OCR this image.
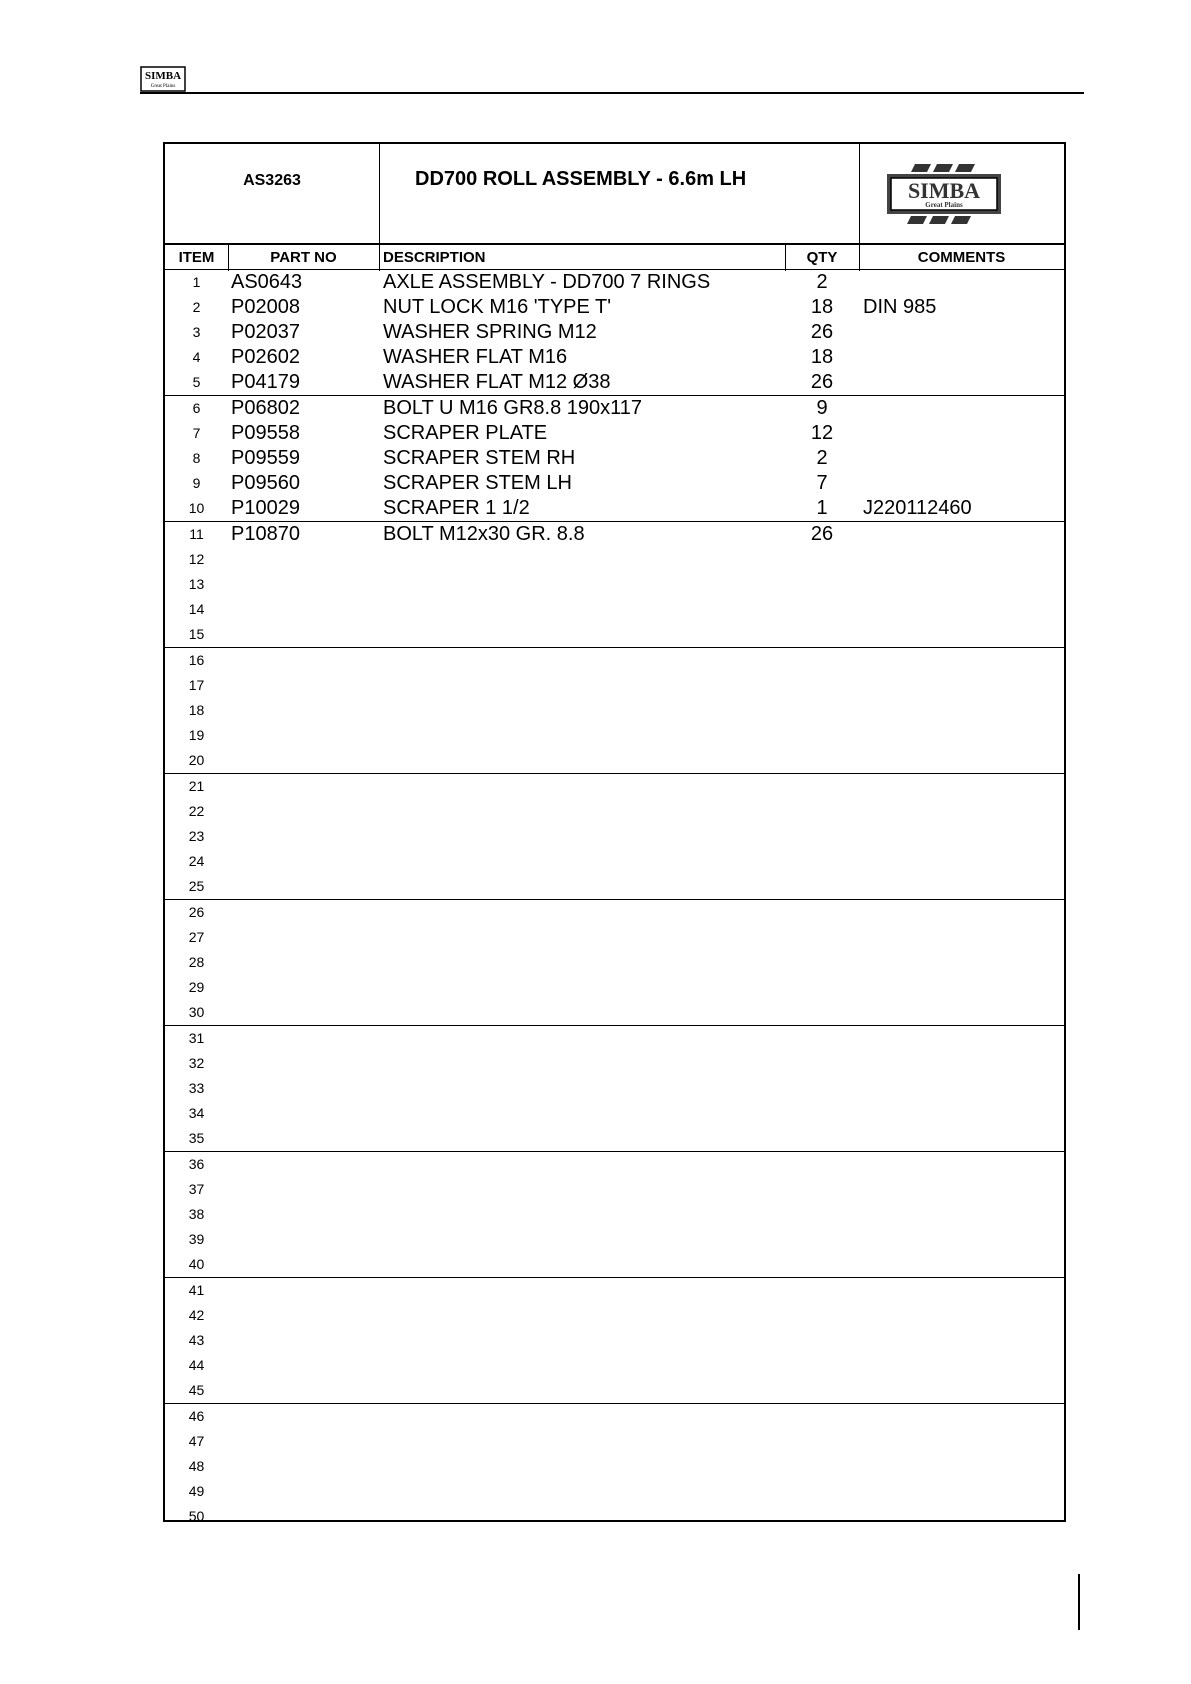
SIMBA
Great Plains
AS3263	DD700 ROLL ASSEMBLY - 6.6m LH	SIMBA
Great Plains
ITEM	PART NO	DESCRIPTION	QTY	COMMENTS
1	AS0643	AXLE ASSEMBLY - DD700 7 RINGS	2
2	P02008	NUT LOCK M16 'TYPE T'	18	DIN 985
3	P02037	WASHER SPRING M12	26
4	P02602	WASHER FLAT M16	18
5	P04179	WASHER FLAT M12 Ø38	26
6	P06802	BOLT U M16 GR8.8 190x117	9
7	P09558	SCRAPER PLATE	12
8	P09559	SCRAPER STEM RH	2
9	P09560	SCRAPER STEM LH	7
10	P10029	SCRAPER 1 1/2	1	J220112460
11	P10870	BOLT M12x30 GR. 8.8	26
12
13
14
15
16
17
18
19
20
21
22
23
24
25
26
27
28
29
30
31
32
33
34
35
36
37
38
39
40
41
42
43
44
45
46
47
48
49
50
